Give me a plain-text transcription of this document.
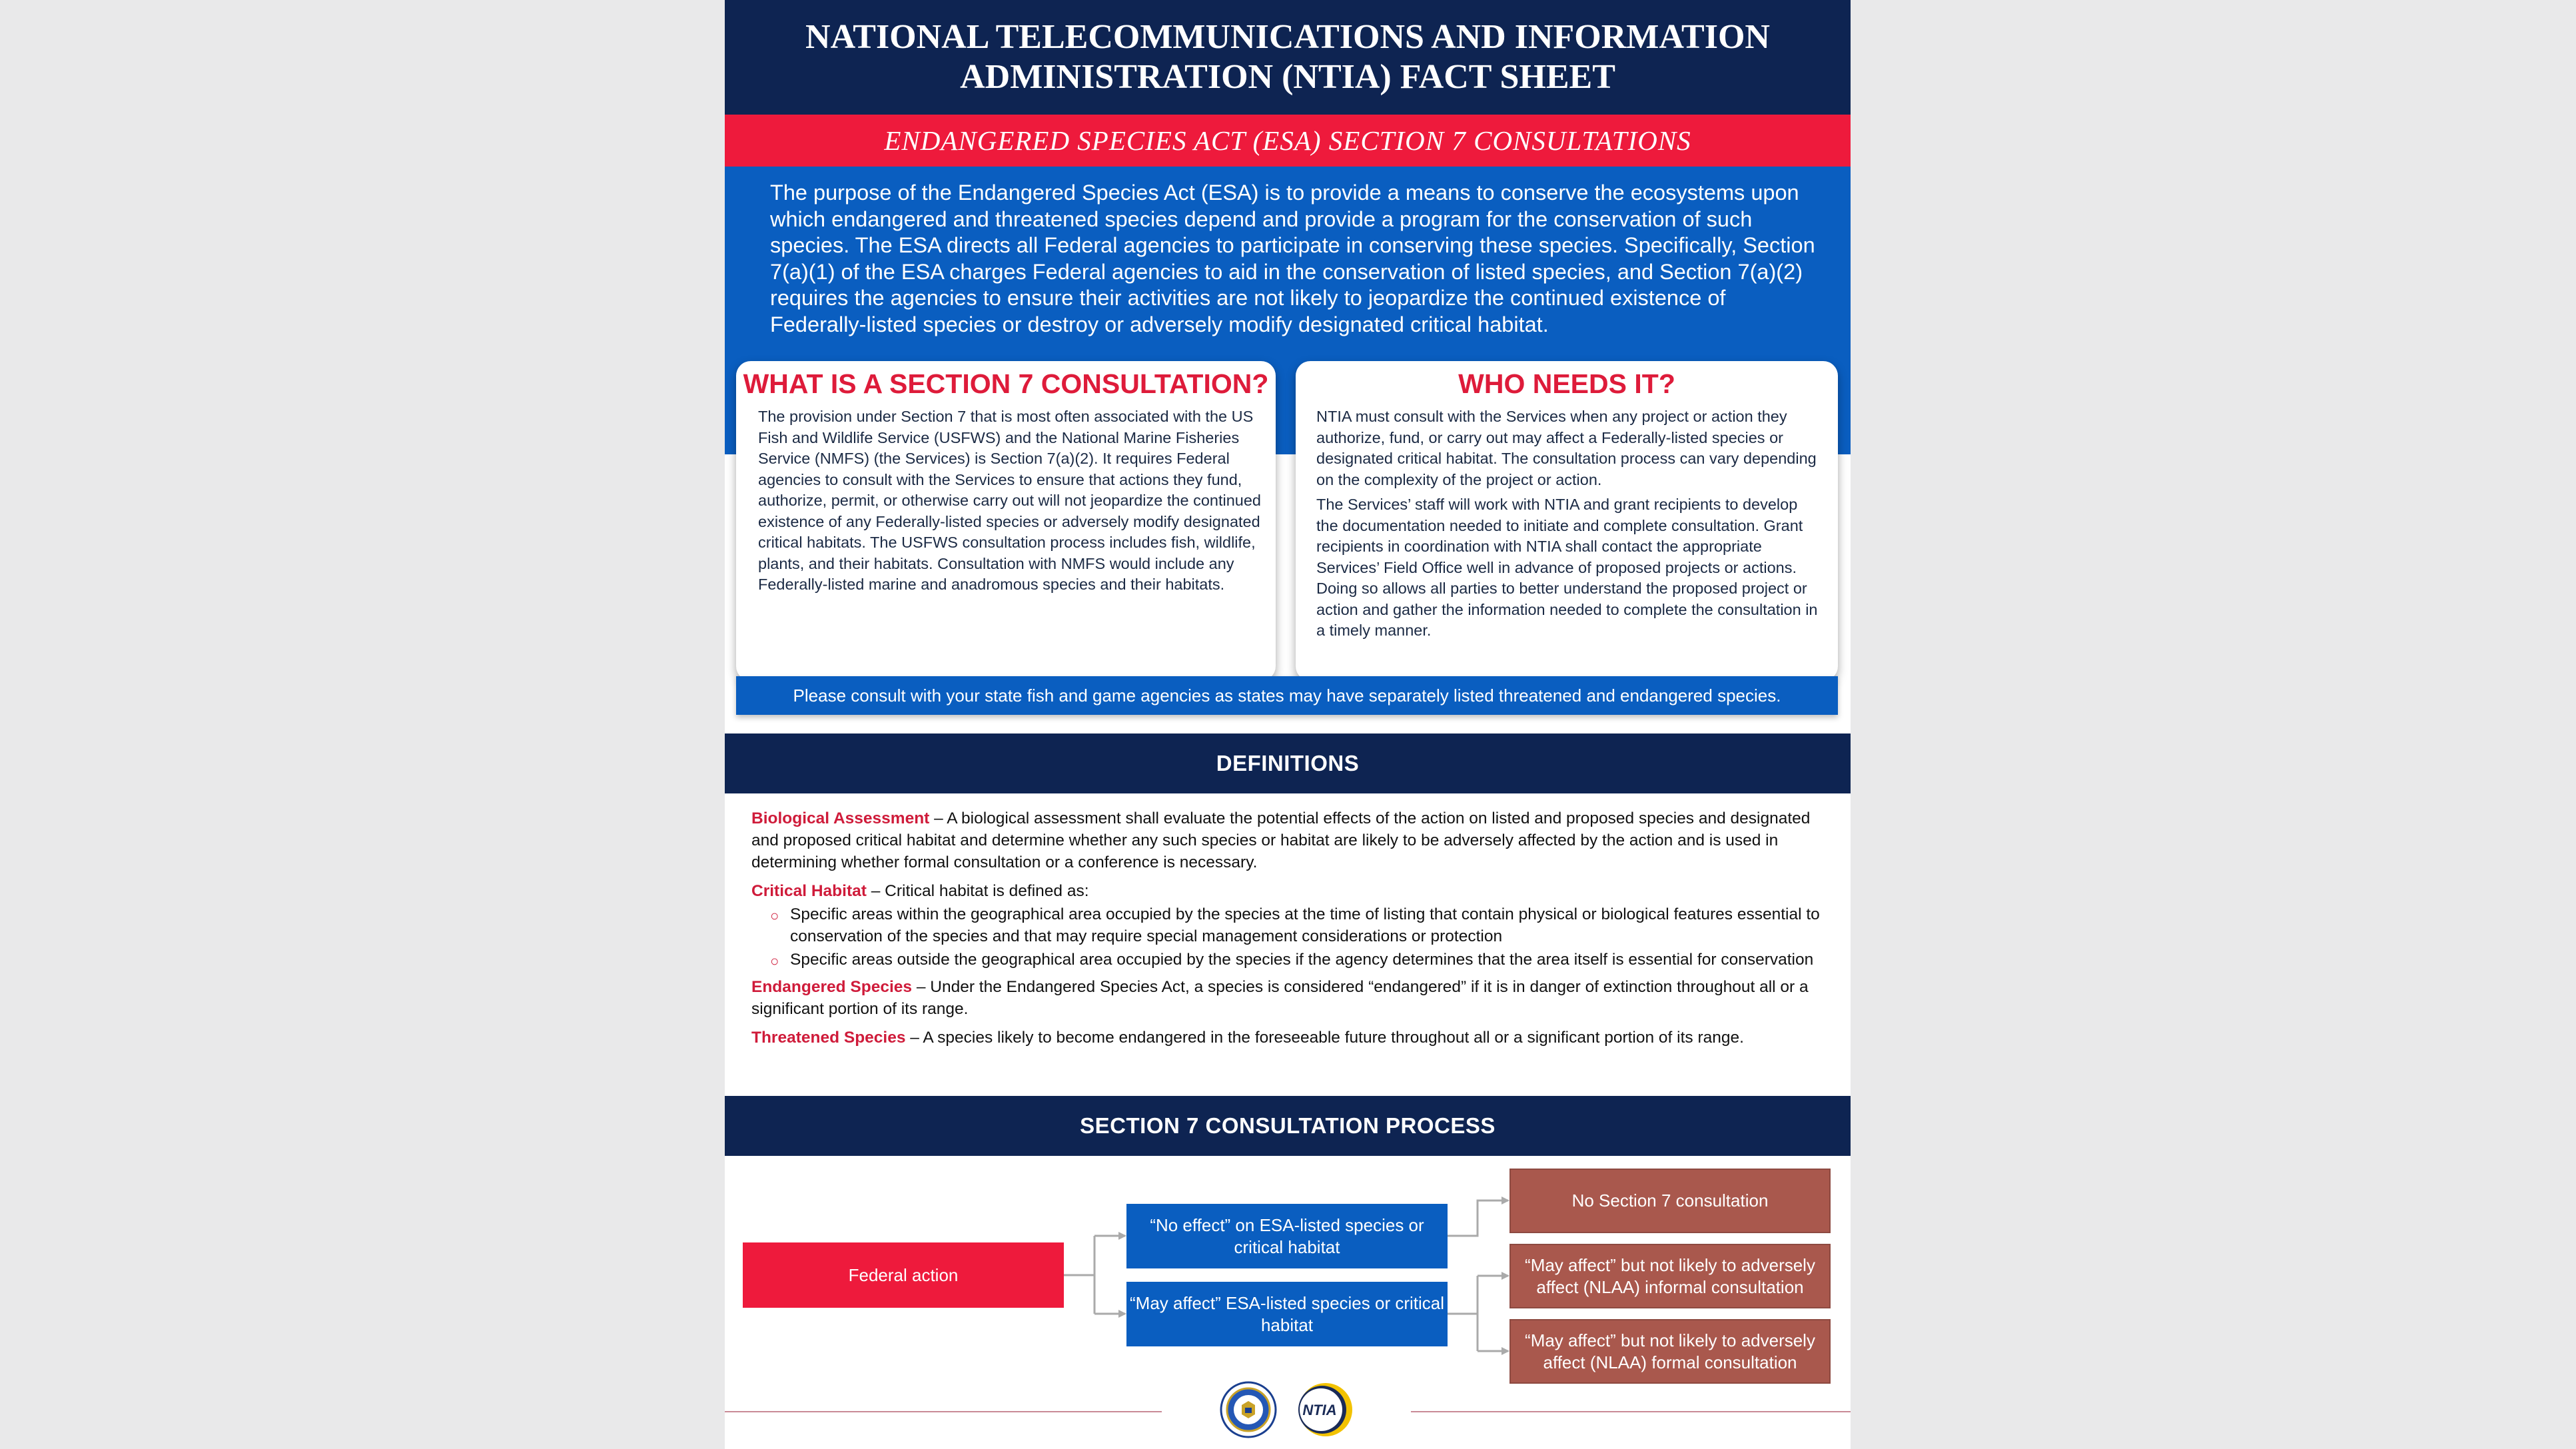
NATIONAL TELECOMMUNICATIONS AND INFORMATION ADMINISTRATION (NTIA) FACT SHEET
ENDANGERED SPECIES ACT (ESA) SECTION 7 CONSULTATIONS

The purpose of the Endangered Species Act (ESA) is to provide a means to conserve the ecosystems upon which endangered and threatened species depend and provide a program for the conservation of such species. The ESA directs all Federal agencies to participate in conserving these species. Specifically, Section 7(a)(1) of the ESA charges Federal agencies to aid in the conservation of listed species, and Section 7(a)(2) requires the agencies to ensure their activities are not likely to jeopardize the continued existence of Federally-listed species or destroy or adversely modify designated critical habitat.

WHAT IS A SECTION 7 CONSULTATION?

The provision under Section 7 that is most often associated with the US Fish and Wildlife Service (USFWS) and the National Marine Fisheries Service (NMFS) (the Services) is Section 7(a)(2). It requires Federal agencies to consult with the Services to ensure that actions they fund, authorize, permit, or otherwise carry out will not jeopardize the continued existence of any Federally-listed species or adversely modify designated critical habitats. The USFWS consultation process includes fish, wildlife, plants, and their habitats. Consultation with NMFS would include any Federally-listed marine and anadromous species and their habitats.

WHO NEEDS IT?

NTIA must consult with the Services when any project or action they authorize, fund, or carry out may affect a Federally-listed species or designated critical habitat. The consultation process can vary depending on the complexity of the project or action.

The Services’ staff will work with NTIA and grant recipients to develop the documentation needed to initiate and complete consultation. Grant recipients in coordination with NTIA shall contact the appropriate Services’ Field Office well in advance of proposed projects or actions. Doing so allows all parties to better understand the proposed project or action and gather the information needed to complete the consultation in a timely manner.

Please consult with your state fish and game agencies as states may have separately listed threatened and endangered species.
DEFINITIONS

Biological Assessment – A biological assessment shall evaluate the potential effects of the action on listed and proposed species and designated and proposed critical habitat and determine whether any such species or habitat are likely to be adversely affected by the action and is used in determining whether formal consultation or a conference is necessary.

Critical Habitat – Critical habitat is defined as:

○ Specific areas within the geographical area occupied by the species at the time of listing that contain physical or biological features essential to conservation of the species and that may require special management considerations or protection
○ Specific areas outside the geographical area occupied by the species if the agency determines that the area itself is essential for conservation

Endangered Species – Under the Endangered Species Act, a species is considered “endangered” if it is in danger of extinction throughout all or a significant portion of its range.

Threatened Species – A species likely to become endangered in the foreseeable future throughout all or a significant portion of its range.

SECTION 7 CONSULTATION PROCESS
Federal action
“No effect” on ESA-listed species or critical habitat
“May affect” ESA-listed species or critical habitat
No Section 7 consultation
“May affect” but not likely to adversely affect (NLAA) informal consultation
“May affect” but not likely to adversely affect (NLAA) formal consultation
NTIA
